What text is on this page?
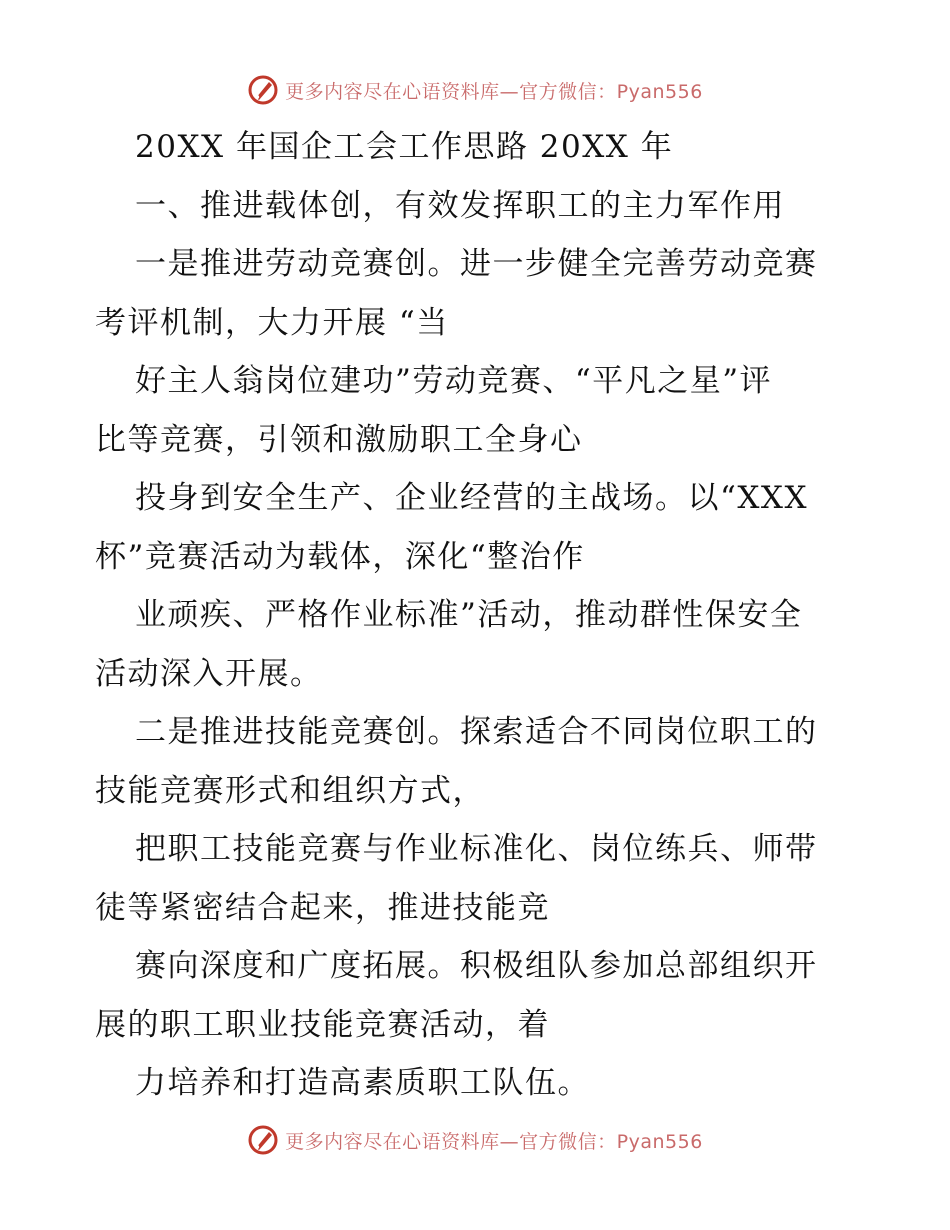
更多内容尽在心语资料库—官方微信：Pyan556
20XX 年国企工会工作思路 20XX 年
一、推进载体创，有效发挥职工的主力军作用
一是推进劳动竞赛创。进一步健全完善劳动竞赛
考评机制，大力开展 “当
好主人翁岗位建功”劳动竞赛、“平凡之星”评
比等竞赛，引领和激励职工全身心
投身到安全生产、企业经营的主战场。以“XXX
杯”竞赛活动为载体，深化“整治作
业顽疾、严格作业标准”活动，推动群性保安全
活动深入开展。
二是推进技能竞赛创。探索适合不同岗位职工的
技能竞赛形式和组织方式，
把职工技能竞赛与作业标准化、岗位练兵、师带
徒等紧密结合起来，推进技能竞
赛向深度和广度拓展。积极组队参加总部组织开
展的职工职业技能竞赛活动，着
力培养和打造高素质职工队伍。
更多内容尽在心语资料库—官方微信：Pyan556
